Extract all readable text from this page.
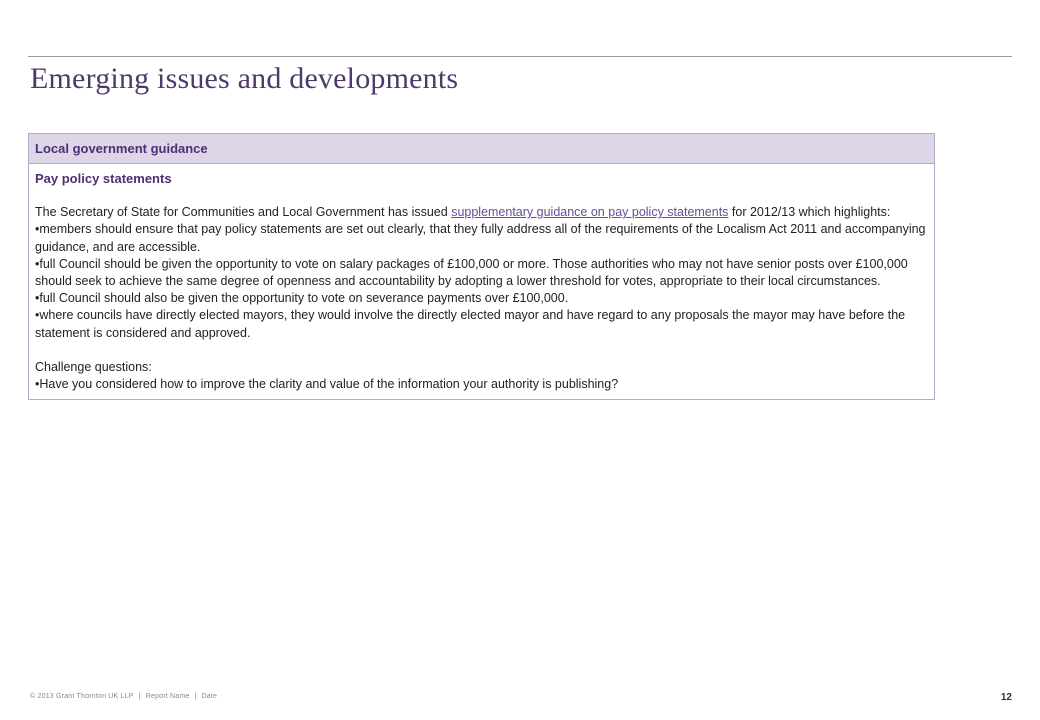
Emerging issues and developments
Local government guidance

Pay policy statements

The Secretary of State for Communities and Local Government has issued supplementary guidance on pay policy statements for 2012/13 which highlights:

•members should ensure that pay policy statements are set out clearly, that they fully address all of the requirements of the Localism Act 2011 and accompanying guidance, and are accessible.
•full Council should be given the opportunity to vote on salary packages of £100,000 or more. Those authorities who may not have senior posts over £100,000 should seek to achieve the same degree of openness and accountability by adopting a lower threshold for votes, appropriate to their local circumstances.
•full Council should also be given the opportunity to vote on severance payments over £100,000.
•where councils have directly elected mayors, they would involve the directly elected mayor and have regard to any proposals the mayor may have before the statement is considered and approved.

Challenge questions:

•Have you considered how to improve the clarity and value of the information your authority is publishing?
© 2013 Grant Thornton UK LLP | Report Name | Date	12
